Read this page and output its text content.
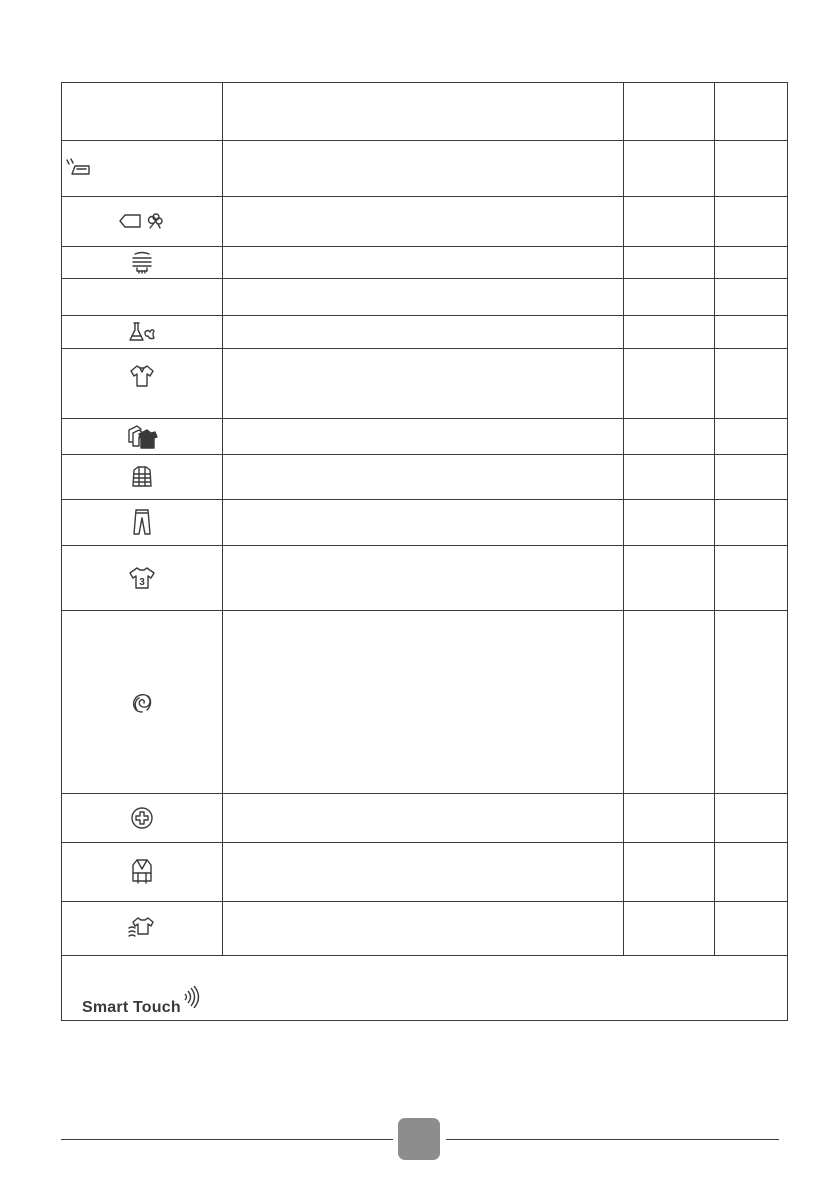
3
Smart Touch
